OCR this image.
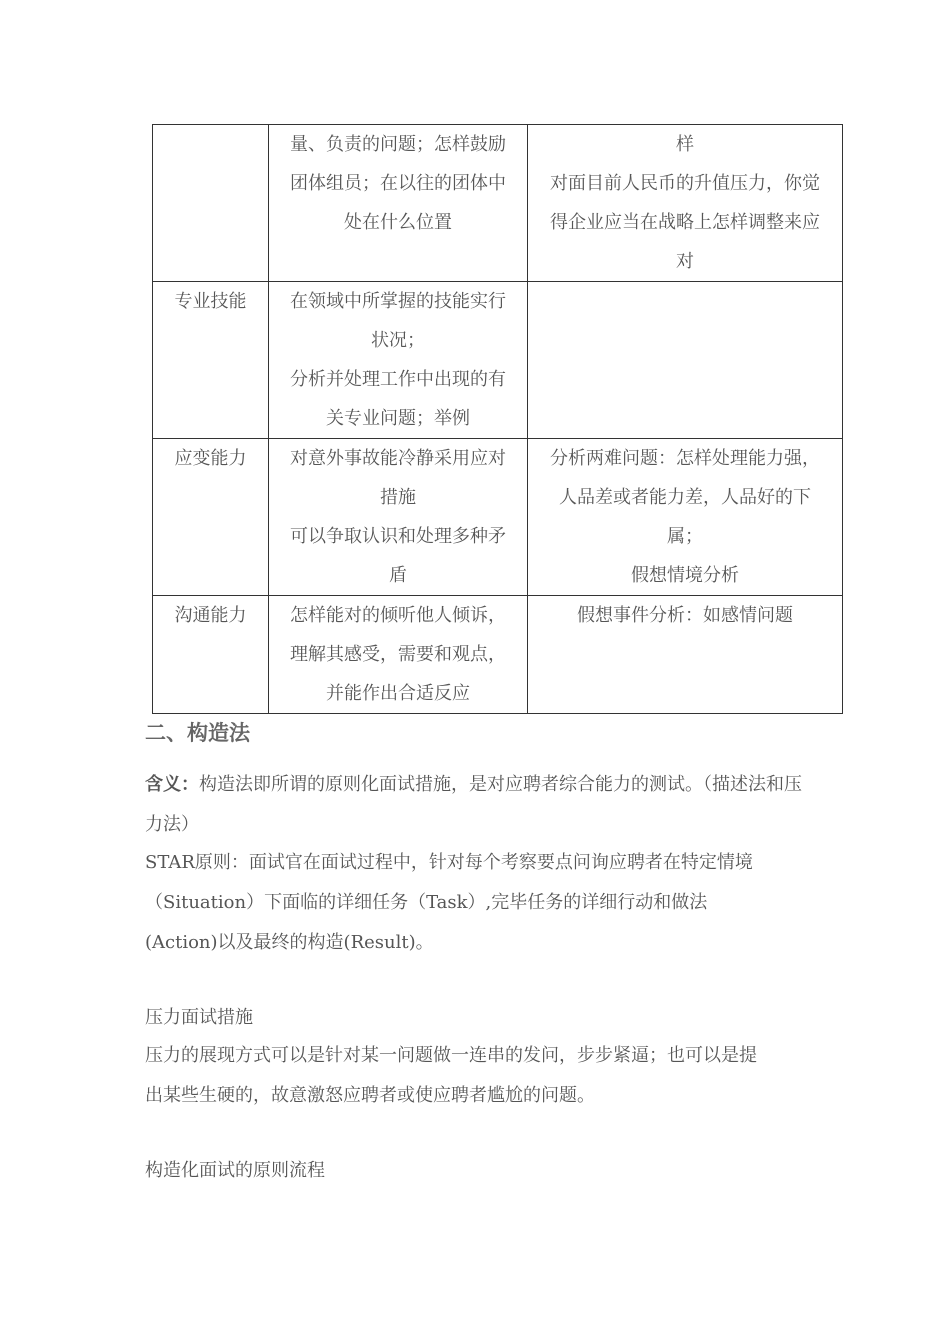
	量、负责的问题；怎样鼓励
团体组员；在以往的团体中
处在什么位置	样
对面目前人民币的升值压力，你觉
得企业应当在战略上怎样调整来应
对

专业技能	在领域中所掌握的技能实行
状况；
分析并处理工作中出现的有
关专业问题；举例	

应变能力	对意外事故能冷静采用应对
措施
可以争取认识和处理多种矛
盾	分析两难问题：怎样处理能力强，
人品差或者能力差，人品好的下
属；
假想情境分析

沟通能力	怎样能对的倾听他人倾诉，
理解其感受，需要和观点，
并能作出合适反应	假想事件分析：如感情问题
二、构造法

含义：构造法即所谓的原则化面试措施，是对应聘者综合能力的测试。（描述法和压力法）

STAR原则：面试官在面试过程中，针对每个考察要点问询应聘者在特定情境
（Situation）下面临的详细任务（Task）,完毕任务的详细行动和做法
(Action)以及最终的构造(Result)。

压力面试措施

压力的展现方式可以是针对某一问题做一连串的发问，步步紧逼；也可以是提
出某些生硬的，故意激怒应聘者或使应聘者尴尬的问题。

构造化面试的原则流程
